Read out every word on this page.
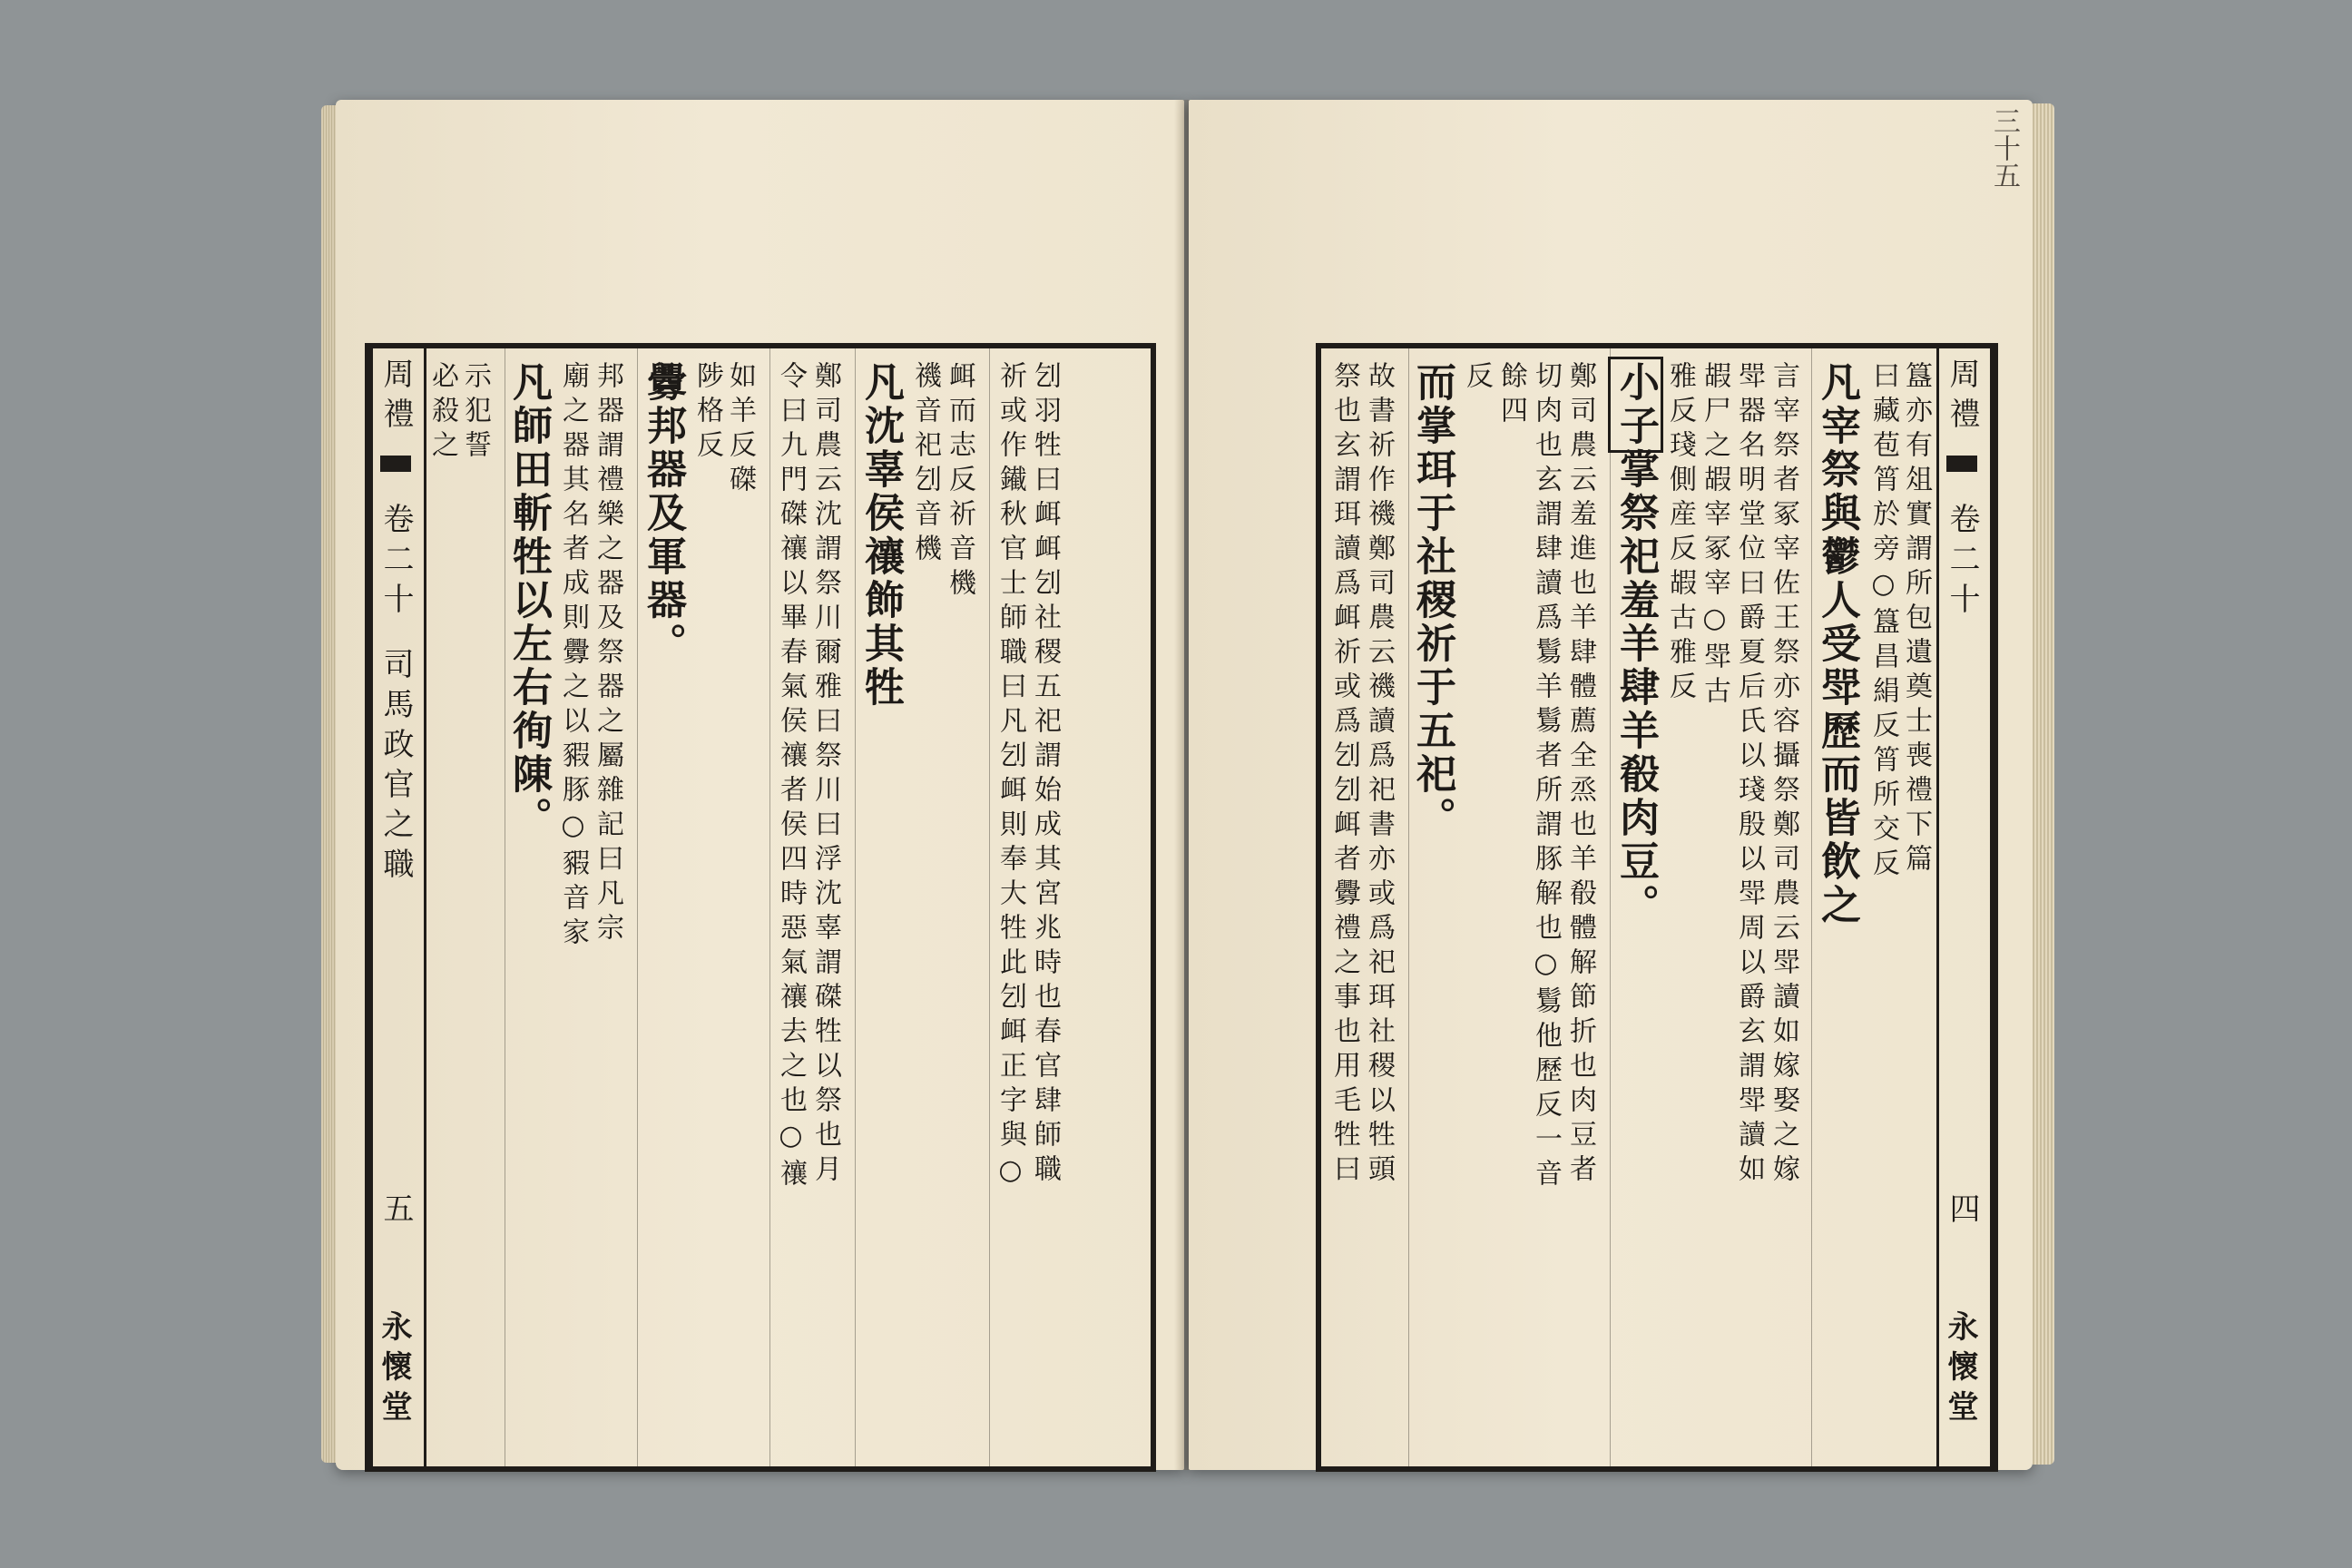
周禮
卷二十
司馬政官之職
五
永懷堂
必殺之 示犯誓 凡師田斬牲以左右徇陳。 廟之器其名者成則釁之以豭豚○豭音家 邦器謂禮樂之器及祭器之屬雜記曰凡宗 釁邦器及軍器。 陟格反 如羊反磔 令曰九門磔禳以畢春氣侯禳者侯四時惡氣禳去之也○禳 鄭司農云沈謂祭川爾雅曰祭川曰浮沈辜謂磔牲以祭也月 凡沈辜侯禳飾其牲 禨音祀刉音機 衈而志反祈音機 祈或作䥫秋官士師職曰凡刉衈則奉大牲此刉衈正字與○ 刉羽牲曰衈衈刉社稷五祀謂始成其宮兆時也春官肆師職
三十五
祭也玄謂珥讀爲衈祈或爲刉刉衈者釁禮之事也用毛牲曰 故書祈作禨鄭司農云禨讀爲祀書亦或爲祀珥社稷以牲頭 而掌珥于社稷祈于五祀。 反 餘四 切肉也玄謂肆讀爲鬄羊鬄者所謂豚解也○鬄他歷反一音 鄭司農云羞進也羊肆體薦全烝也羊殽體解節折也肉豆者 小子掌祭祀羞羊肆羊殽肉豆。 雅反琖側産反嘏古雅反 嘏尸之嘏宰冢宰○斝古 斝器名明堂位曰爵夏后氏以琖殷以斝周以爵玄謂斝讀如 言宰祭者冢宰佐王祭亦容攝祭鄭司農云斝讀如嫁娶之嫁 凡宰祭與鬱人受斝歷而皆飲之 曰藏苞筲於旁○簋昌絹反筲所交反 簋亦有俎實謂所包遺奠士喪禮下篇 周禮
卷二十
四
永懷堂
